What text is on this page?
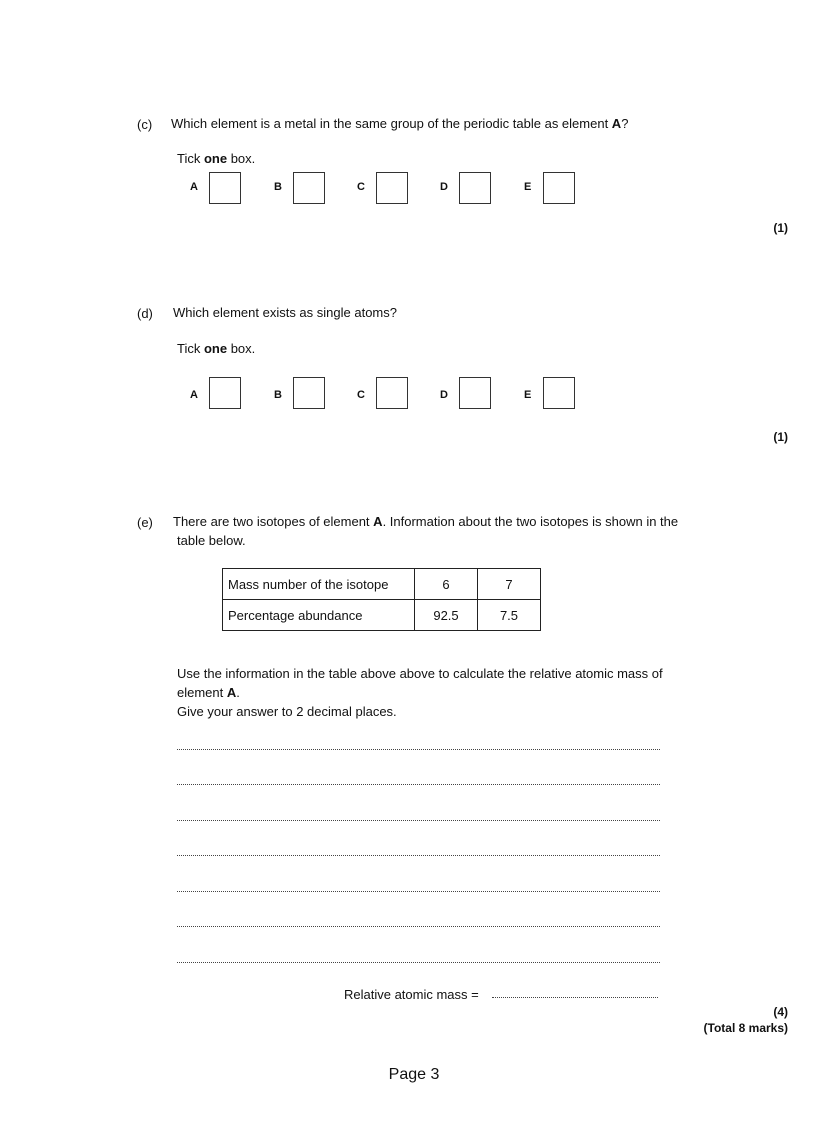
(c) Which element is a metal in the same group of the periodic table as element A?
Tick one box.
A	B	C	D	E
(1)
(d) Which element exists as single atoms?
Tick one box.
A	B	C	D	E
(1)
(e) There are two isotopes of element A. Information about the two isotopes is shown in the
table below.
Mass number of the isotope	6	7
Percentage abundance	92.5	7.5
Use the information in the table above above to calculate the relative atomic mass of
element A.
Give your answer to 2 decimal places.
Relative atomic mass =
(4)
(Total 8 marks)
Page 3
